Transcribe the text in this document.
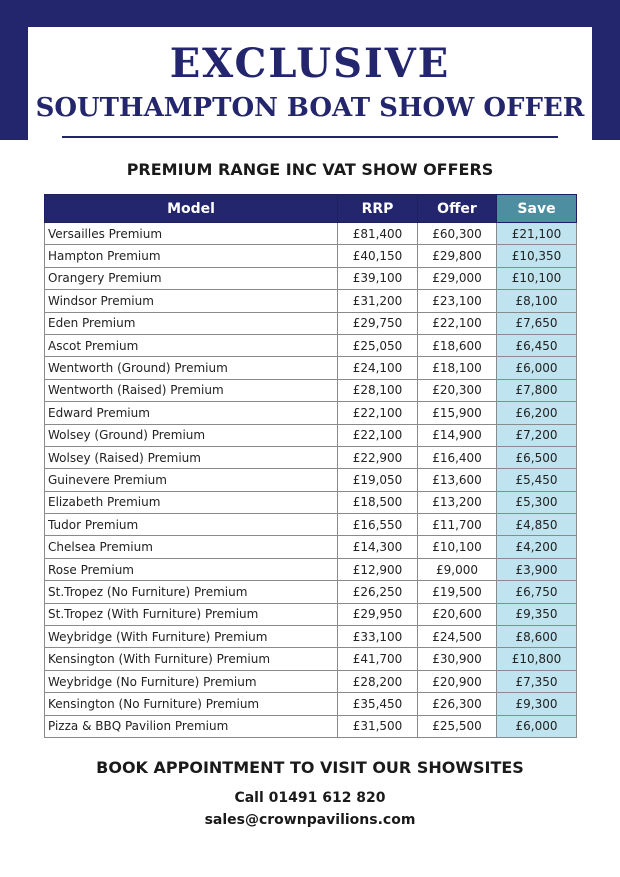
EXCLUSIVE
SOUTHAMPTON BOAT SHOW OFFER
PREMIUM RANGE INC VAT SHOW OFFERS
Model	RRP	Offer	Save
Versailles Premium	£81,400	£60,300	£21,100
Hampton Premium	£40,150	£29,800	£10,350
Orangery Premium	£39,100	£29,000	£10,100
Windsor Premium	£31,200	£23,100	£8,100
Eden Premium	£29,750	£22,100	£7,650
Ascot Premium	£25,050	£18,600	£6,450
Wentworth (Ground) Premium	£24,100	£18,100	£6,000
Wentworth (Raised) Premium	£28,100	£20,300	£7,800
Edward Premium	£22,100	£15,900	£6,200
Wolsey (Ground) Premium	£22,100	£14,900	£7,200
Wolsey (Raised) Premium	£22,900	£16,400	£6,500
Guinevere Premium	£19,050	£13,600	£5,450
Elizabeth Premium	£18,500	£13,200	£5,300
Tudor Premium	£16,550	£11,700	£4,850
Chelsea Premium	£14,300	£10,100	£4,200
Rose Premium	£12,900	£9,000	£3,900
St.Tropez (No Furniture) Premium	£26,250	£19,500	£6,750
St.Tropez (With Furniture) Premium	£29,950	£20,600	£9,350
Weybridge (With Furniture) Premium	£33,100	£24,500	£8,600
Kensington (With Furniture) Premium	£41,700	£30,900	£10,800
Weybridge (No Furniture) Premium	£28,200	£20,900	£7,350
Kensington (No Furniture) Premium	£35,450	£26,300	£9,300
Pizza & BBQ Pavilion Premium	£31,500	£25,500	£6,000
BOOK APPOINTMENT TO VISIT OUR SHOWSITES
Call 01491 612 820
sales@crownpavilions.com
